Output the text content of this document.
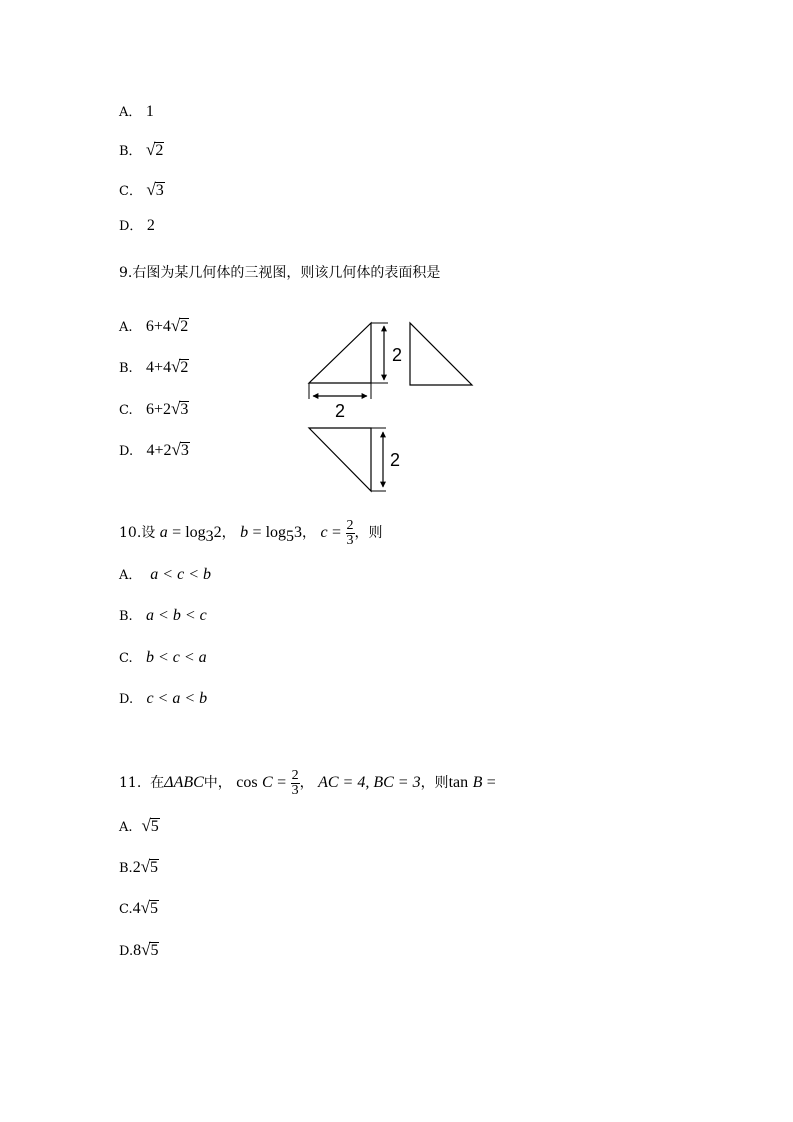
A． 1
B． √2
C． √3
D． 2
9.右图为某几何体的三视图，则该几何体的表面积是
A. 6+4√2
B. 4+4√2
C. 6+2√3
D. 4+2√3
2
2
2
10.设 $a = \log_32$， $b = \log_53$， $c = \frac{2}{3}$ ，则
A． a < c < b
B. a < b < c
C. b < c < a
D. c < a < b
11. 在ΔABC中， $\cos C = \frac{2}{3}$ ， AC = 4, BC = 3，则tan B =
A. √5
B.2√5
C.4√5
D.8√5
